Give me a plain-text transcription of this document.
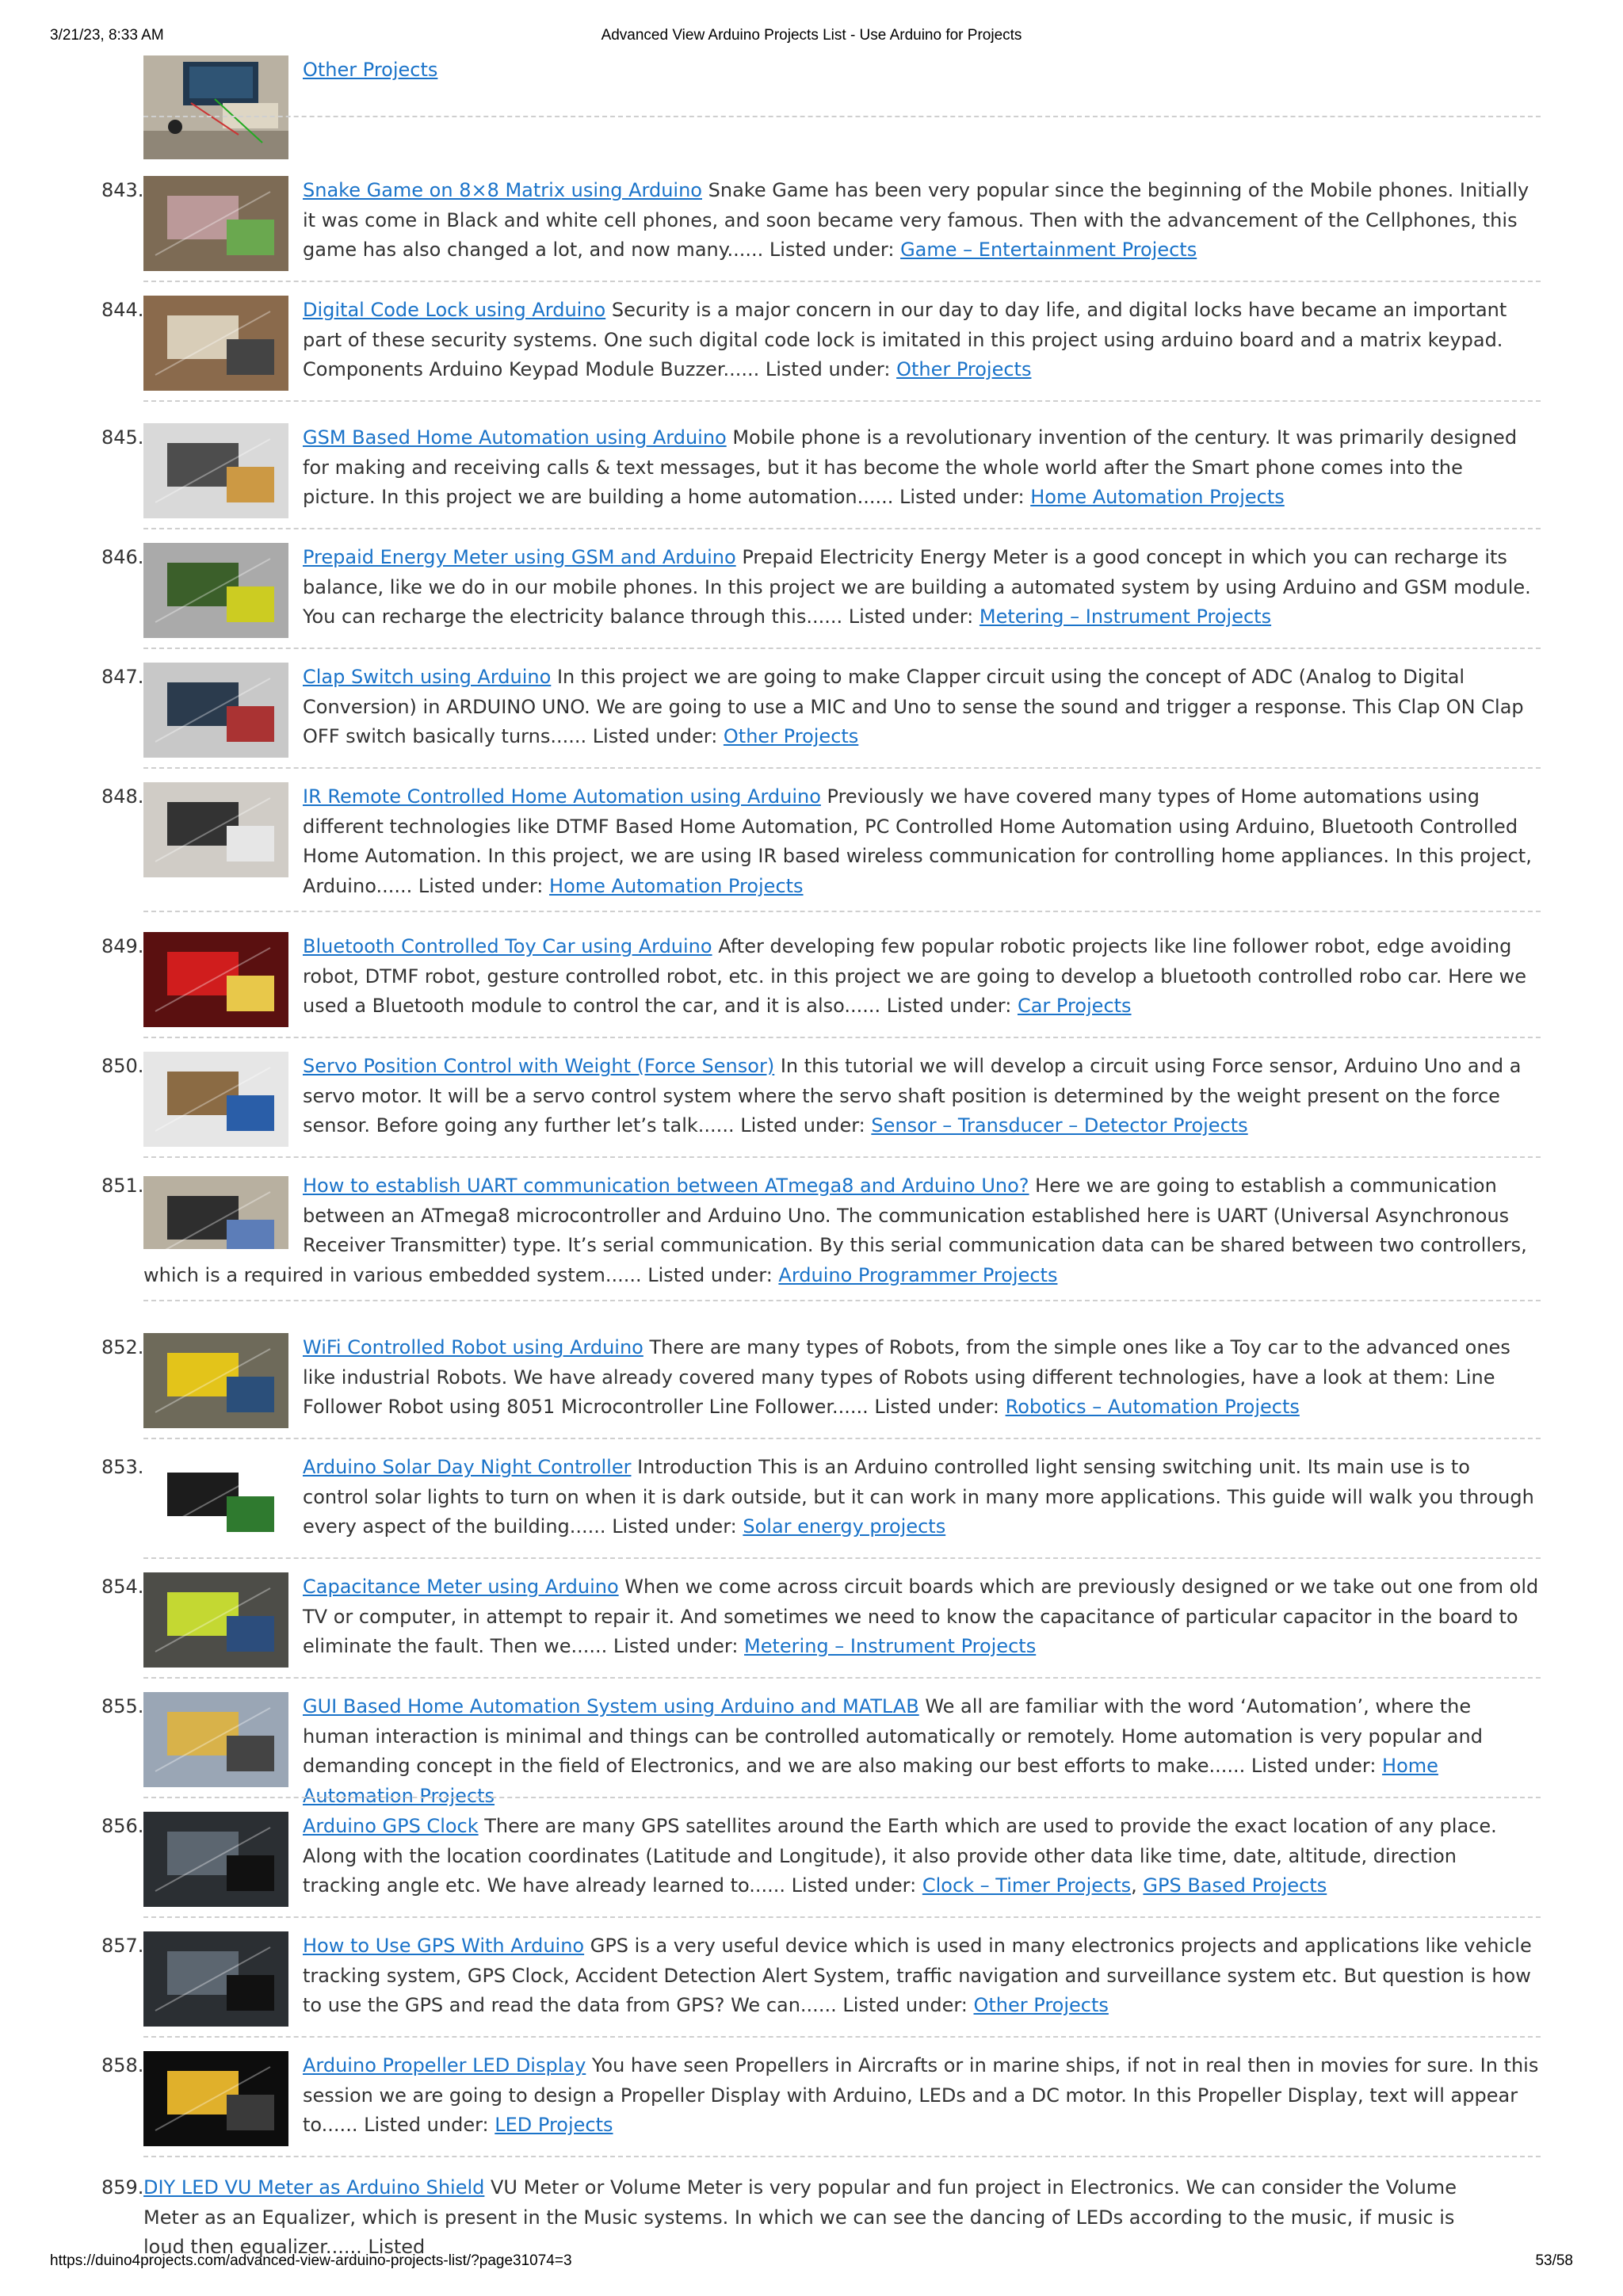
3/21/23, 8:33 AM	Advanced View Arduino Projects List - Use Arduino for Projects
Other Projects
843.	Snake Game on 8×8 Matrix using Arduino Snake Game has been very popular since the beginning of the Mobile phones. Initially it was come in Black and white cell phones, and soon became very famous. Then with the advancement of the Cellphones, this game has also changed a lot, and now many...... Listed under: Game – Entertainment Projects
844.	Digital Code Lock using Arduino Security is a major concern in our day to day life, and digital locks have became an important part of these security systems. One such digital code lock is imitated in this project using arduino board and a matrix keypad. Components Arduino Keypad Module Buzzer...... Listed under: Other Projects
845.	GSM Based Home Automation using Arduino Mobile phone is a revolutionary invention of the century. It was primarily designed for making and receiving calls & text messages, but it has become the whole world after the Smart phone comes into the picture. In this project we are building a home automation...... Listed under: Home Automation Projects
846.	Prepaid Energy Meter using GSM and Arduino Prepaid Electricity Energy Meter is a good concept in which you can recharge its balance, like we do in our mobile phones. In this project we are building a automated system by using Arduino and GSM module. You can recharge the electricity balance through this...... Listed under: Metering – Instrument Projects
847.	Clap Switch using Arduino In this project we are going to make Clapper circuit using the concept of ADC (Analog to Digital Conversion) in ARDUINO UNO. We are going to use a MIC and Uno to sense the sound and trigger a response. This Clap ON Clap OFF switch basically turns...... Listed under: Other Projects
848.	IR Remote Controlled Home Automation using Arduino Previously we have covered many types of Home automations using different technologies like DTMF Based Home Automation, PC Controlled Home Automation using Arduino, Bluetooth Controlled Home Automation. In this project, we are using IR based wireless communication for controlling home appliances. In this project, Arduino...... Listed under: Home Automation Projects
849.	Bluetooth Controlled Toy Car using Arduino After developing few popular robotic projects like line follower robot, edge avoiding robot, DTMF robot, gesture controlled robot, etc. in this project we are going to develop a bluetooth controlled robo car. Here we used a Bluetooth module to control the car, and it is also...... Listed under: Car Projects
850.	Servo Position Control with Weight (Force Sensor) In this tutorial we will develop a circuit using Force sensor, Arduino Uno and a servo motor. It will be a servo control system where the servo shaft position is determined by the weight present on the force sensor. Before going any further let’s talk...... Listed under: Sensor – Transducer – Detector Projects
851.	How to establish UART communication between ATmega8 and Arduino Uno? Here we are going to establish a communication between an ATmega8 microcontroller and Arduino Uno. The communication established here is UART (Universal Asynchronous Receiver Transmitter) type. It’s serial communication. By this serial communication data can be shared between two controllers, which is a required in various embedded system...... Listed under: Arduino Programmer Projects
852.	WiFi Controlled Robot using Arduino There are many types of Robots, from the simple ones like a Toy car to the advanced ones like industrial Robots. We have already covered many types of Robots using different technologies, have a look at them: Line Follower Robot using 8051 Microcontroller Line Follower...... Listed under: Robotics – Automation Projects
853.	Arduino Solar Day Night Controller Introduction This is an Arduino controlled light sensing switching unit. Its main use is to control solar lights to turn on when it is dark outside, but it can work in many more applications. This guide will walk you through every aspect of the building...... Listed under: Solar energy projects
854.	Capacitance Meter using Arduino When we come across circuit boards which are previously designed or we take out one from old TV or computer, in attempt to repair it. And sometimes we need to know the capacitance of particular capacitor in the board to eliminate the fault. Then we...... Listed under: Metering – Instrument Projects
855.	GUI Based Home Automation System using Arduino and MATLAB We all are familiar with the word ‘Automation’, where the human interaction is minimal and things can be controlled automatically or remotely. Home automation is very popular and demanding concept in the field of Electronics, and we are also making our best efforts to make...... Listed under: Home Automation Projects
856.	Arduino GPS Clock There are many GPS satellites around the Earth which are used to provide the exact location of any place. Along with the location coordinates (Latitude and Longitude), it also provide other data like time, date, altitude, direction tracking angle etc. We have already learned to...... Listed under: Clock – Timer Projects, GPS Based Projects
857.	How to Use GPS With Arduino GPS is a very useful device which is used in many electronics projects and applications like vehicle tracking system, GPS Clock, Accident Detection Alert System, traffic navigation and surveillance system etc. But question is how to use the GPS and read the data from GPS? We can...... Listed under: Other Projects
858.	Arduino Propeller LED Display You have seen Propellers in Aircrafts or in marine ships, if not in real then in movies for sure. In this session we are going to design a Propeller Display with Arduino, LEDs and a DC motor. In this Propeller Display, text will appear to...... Listed under: LED Projects
859. DIY LED VU Meter as Arduino Shield VU Meter or Volume Meter is very popular and fun project in Electronics. We can consider the Volume Meter as an Equalizer, which is present in the Music systems. In which we can see the dancing of LEDs according to the music, if music is loud then equalizer...... Listed
https://duino4projects.com/advanced-view-arduino-projects-list/?page31074=3	53/58
